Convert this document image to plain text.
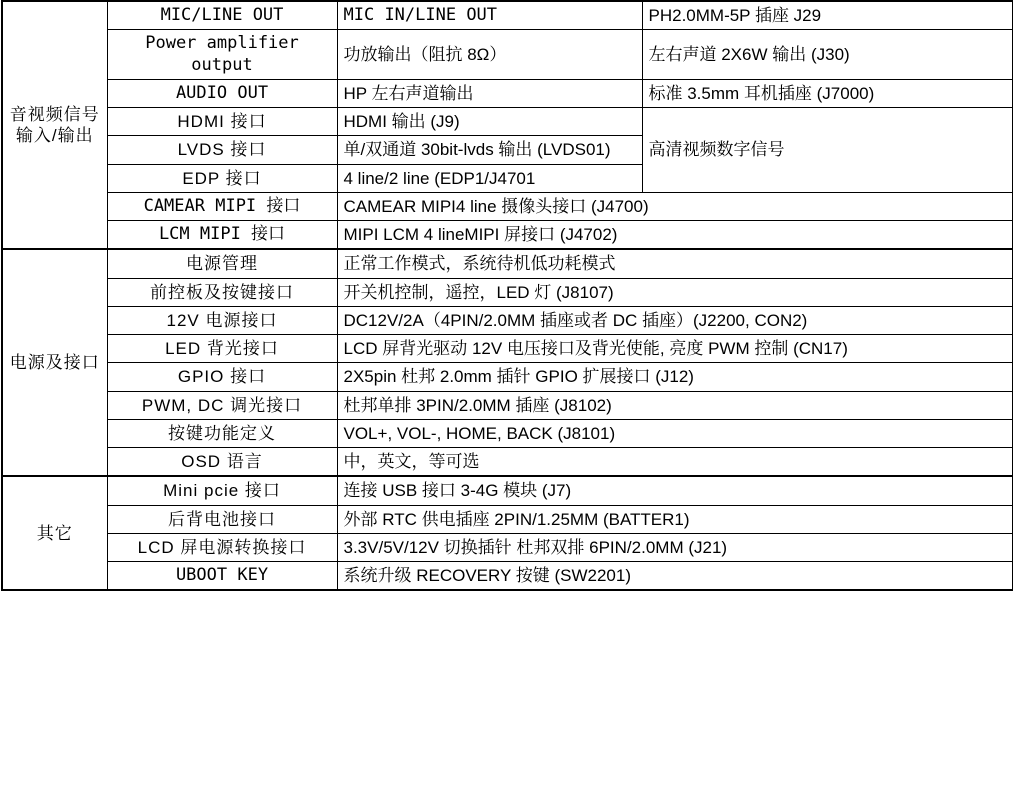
音视频信号输入/输出	MIC/LINE OUT	MIC IN/LINE OUT	PH2.0MM-5P 插座 J29
	Power amplifier output	功放输出（阻抗 8Ω）	左右声道 2X6W 输出 (J30)
	AUDIO OUT	HP 左右声道输出	标准 3.5mm 耳机插座 (J7000)
	HDMI 接口	HDMI 输出 (J9)	高清视频数字信号
	LVDS 接口	单/双通道 30bit-lvds 输出 (LVDS01)	
	EDP 接口	4 line/2 line (EDP1/J4701	
	CAMEAR MIPI 接口	CAMEAR MIPI4 line 摄像头接口 (J4700)	
	LCM MIPI 接口	MIPI LCM 4 lineMIPI 屏接口 (J4702)	
电源及接口	电源管理	正常工作模式，系统待机低功耗模式	
	前控板及按键接口	开关机控制，遥控，LED 灯 (J8107)	
	12V 电源接口	DC12V/2A（4PIN/2.0MM 插座或者 DC 插座）(J2200, CON2)	
	LED 背光接口	LCD 屏背光驱动 12V 电压接口及背光使能, 亮度 PWM 控制 (CN17)	
	GPIO 接口	2X5pin 杜邦 2.0mm 插针 GPIO 扩展接口 (J12)	
	PWM, DC 调光接口	杜邦单排 3PIN/2.0MM 插座 (J8102)	
	按键功能定义	VOL+, VOL-, HOME, BACK (J8101)	
	OSD 语言	中，英文，等可选	
其它	Mini pcie 接口	连接 USB 接口 3-4G 模块 (J7)	
	后背电池接口	外部 RTC 供电插座 2PIN/1.25MM (BATTER1)	
	LCD 屏电源转换接口	3.3V/5V/12V 切换插针 杜邦双排 6PIN/2.0MM (J21)	
	UBOOT KEY	系统升级 RECOVERY 按键 (SW2201)	
